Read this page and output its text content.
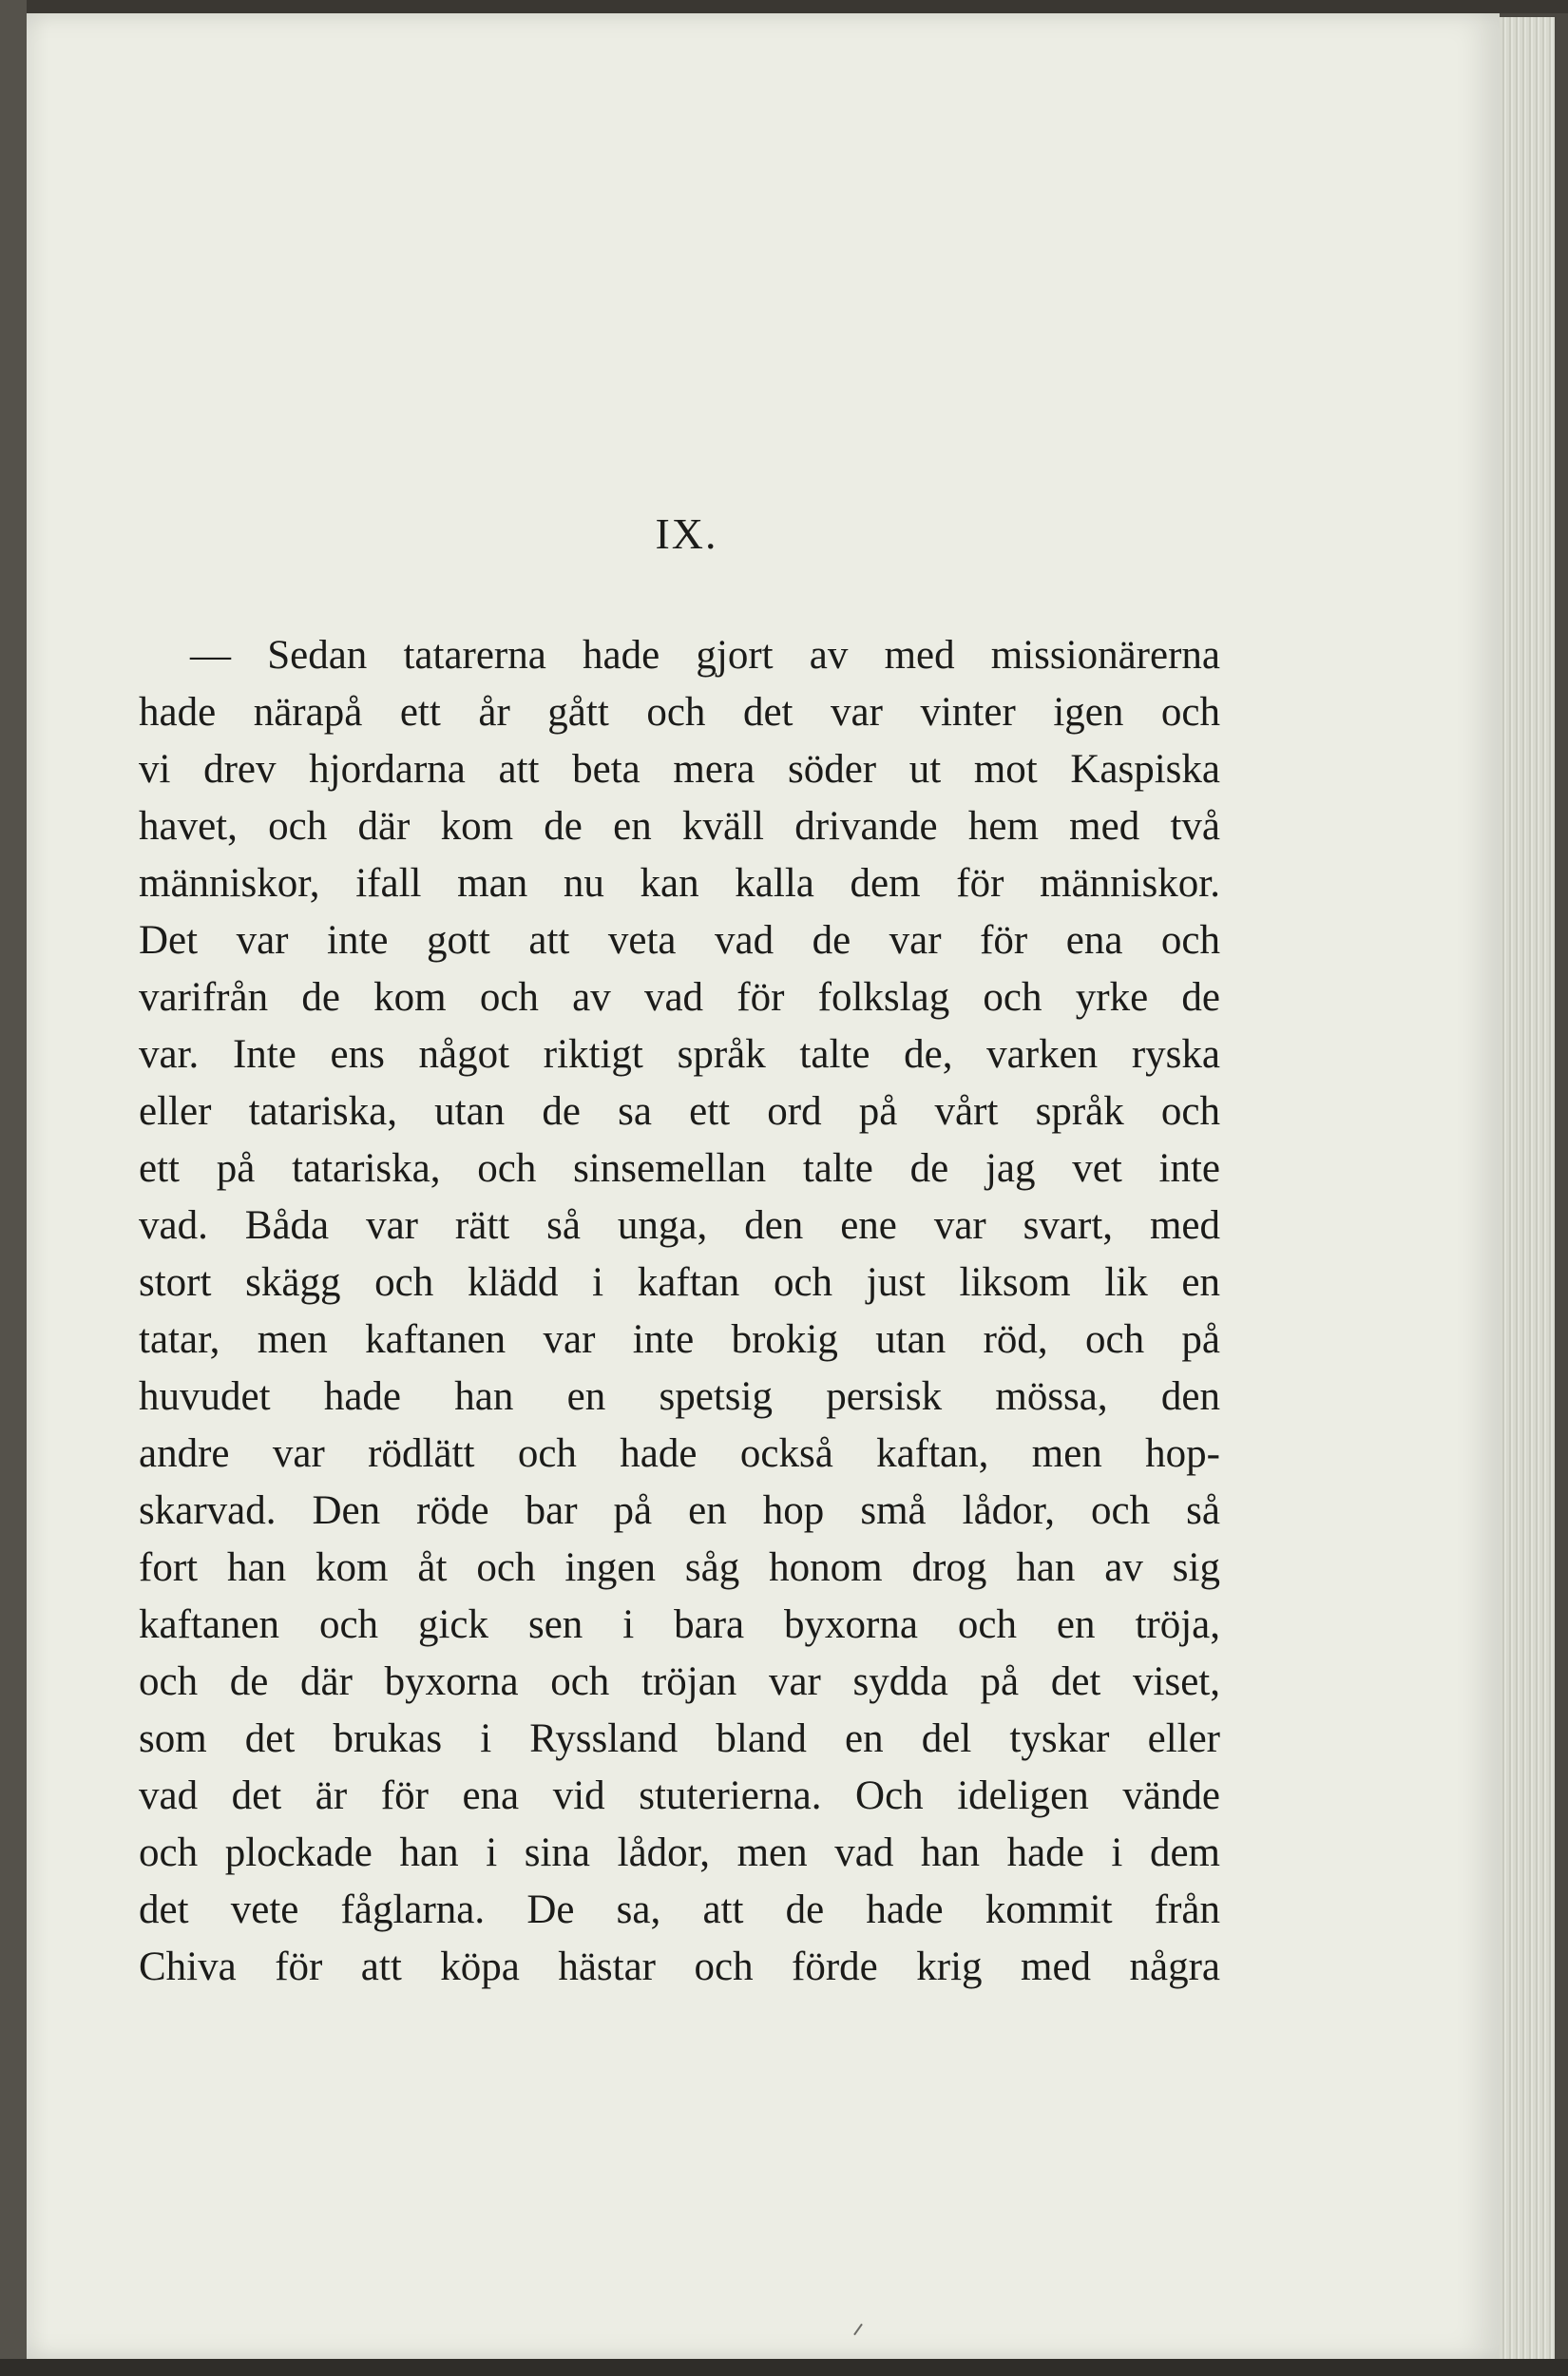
IX.
— Sedan tatarerna hade gjort av med missionärerna
hade närapå ett år gått och det var vinter igen och
vi drev hjordarna att beta mera söder ut mot Kaspiska
havet, och där kom de en kväll drivande hem med två
människor, ifall man nu kan kalla dem för människor.
Det var inte gott att veta vad de var för ena och
varifrån de kom och av vad för folkslag och yrke de
var. Inte ens något riktigt språk talte de, varken ryska
eller tatariska, utan de sa ett ord på vårt språk och
ett på tatariska, och sinsemellan talte de jag vet inte
vad. Båda var rätt så unga, den ene var svart, med
stort skägg och klädd i kaftan och just liksom lik en
tatar, men kaftanen var inte brokig utan röd, och på
huvudet hade han en spetsig persisk mössa, den
andre var rödlätt och hade också kaftan, men hop-
skarvad. Den röde bar på en hop små lådor, och så
fort han kom åt och ingen såg honom drog han av sig
kaftanen och gick sen i bara byxorna och en tröja,
och de där byxorna och tröjan var sydda på det viset,
som det brukas i Ryssland bland en del tyskar eller
vad det är för ena vid stuterierna. Och ideligen vände
och plockade han i sina lådor, men vad han hade i dem
det vete fåglarna. De sa, att de hade kommit från
Chiva för att köpa hästar och förde krig med några
